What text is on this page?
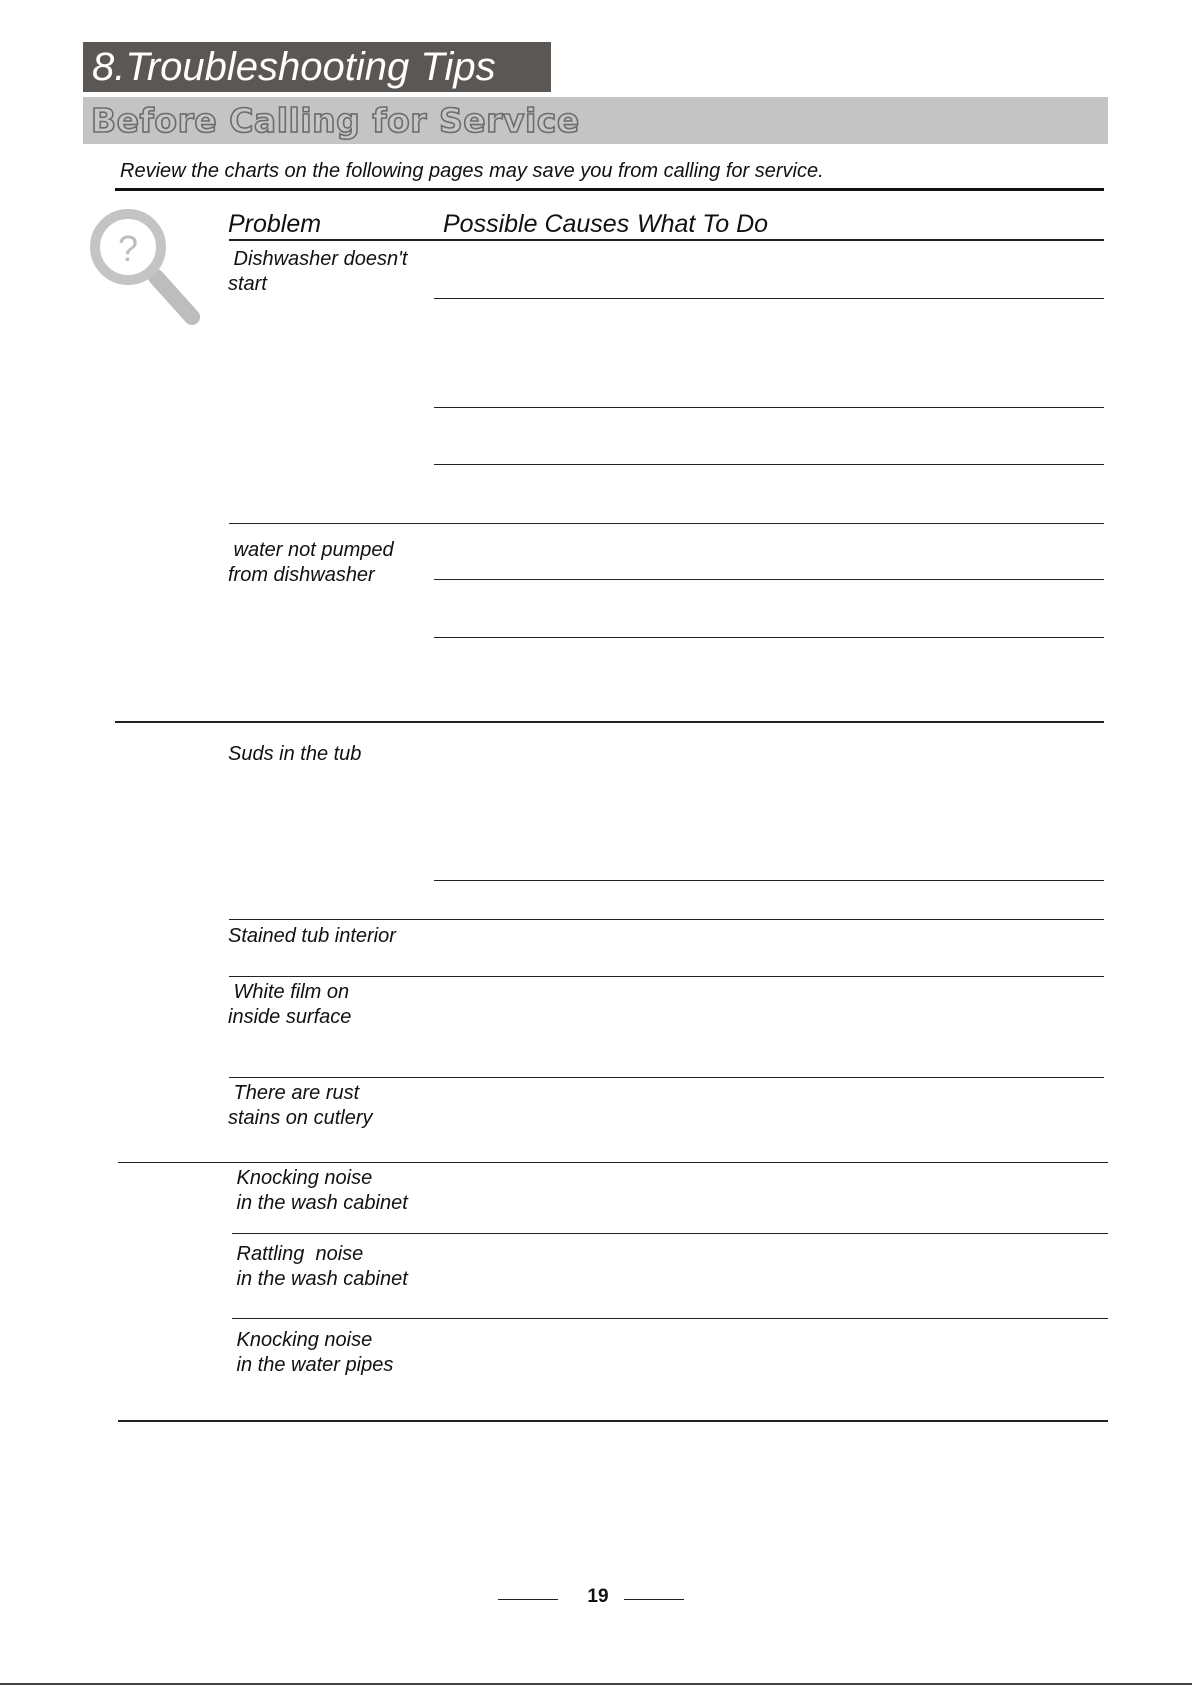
8.Troubleshooting Tips
Before Calling for Service
Review the charts on the following pages may save you from calling for service.
?
Problem	Possible Causes What To Do
Dishwasher doesn't
start
water not pumped
from dishwasher
Suds in the tub
Stained tub interior
White film on
inside surface
There are rust
stains on cutlery
Knocking noise
in the wash cabinet
Rattling  noise
in the wash cabinet
Knocking noise
in the water pipes
19
